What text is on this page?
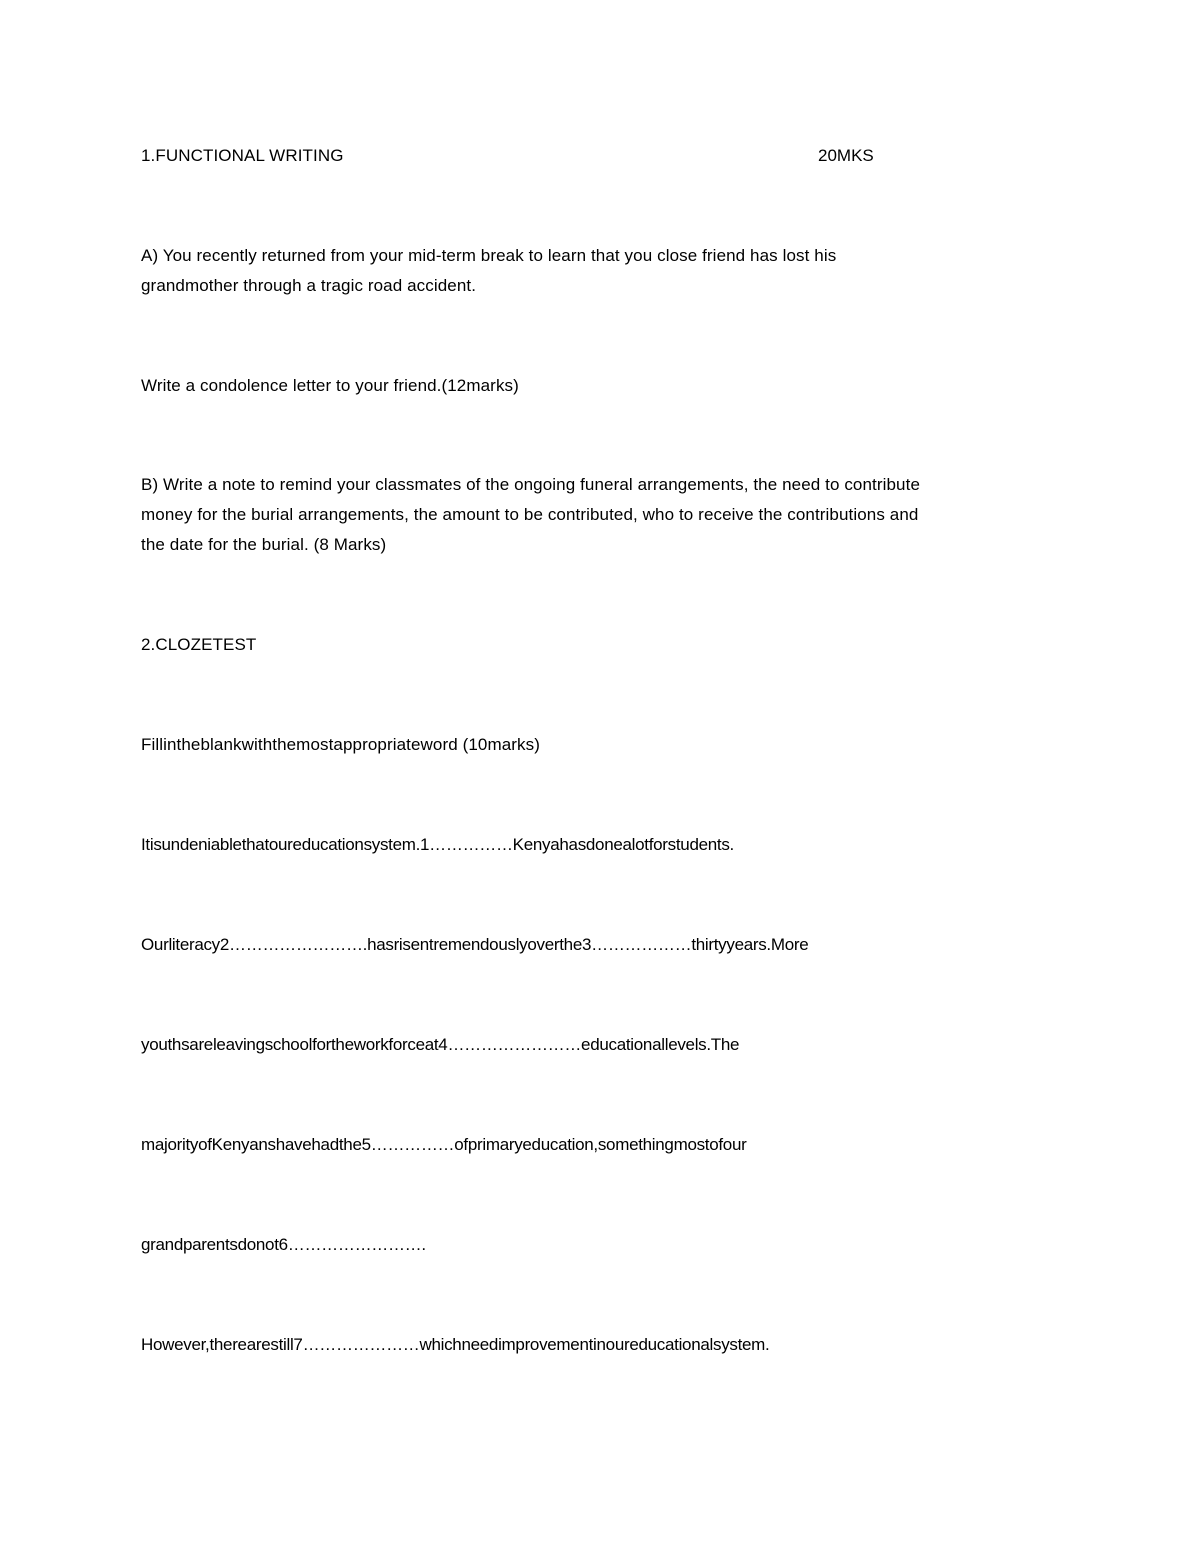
1.FUNCTIONAL WRITING	20MKS
A) You recently returned from your mid-term break to learn that you close friend has lost his
grandmother through a tragic road accident.
Write a condolence letter to your friend.(12marks)
B) Write a note to remind your classmates of the ongoing funeral arrangements, the need to contribute
money for the burial arrangements, the amount to be contributed, who to receive the contributions and
the date for the burial. (8 Marks)
2.CLOZETEST
Fillintheblankwiththemostappropriateword (10marks)
Itisundeniablethatoureducationsystem.1……………Kenyahasdonealotforstudents.
Ourliteracy2…………………….hasrisentremendouslyoverthe3………………thirtyyears.More
youthsareleavingschoolfortheworkforceat4……………………educationallevels.The
majorityofKenyanshavehadthe5……………ofprimaryeducation,somethingmostofour
grandparentsdonot6…………………….
However,therearestill7…………………whichneedimprovementinoureducationalsystem.
